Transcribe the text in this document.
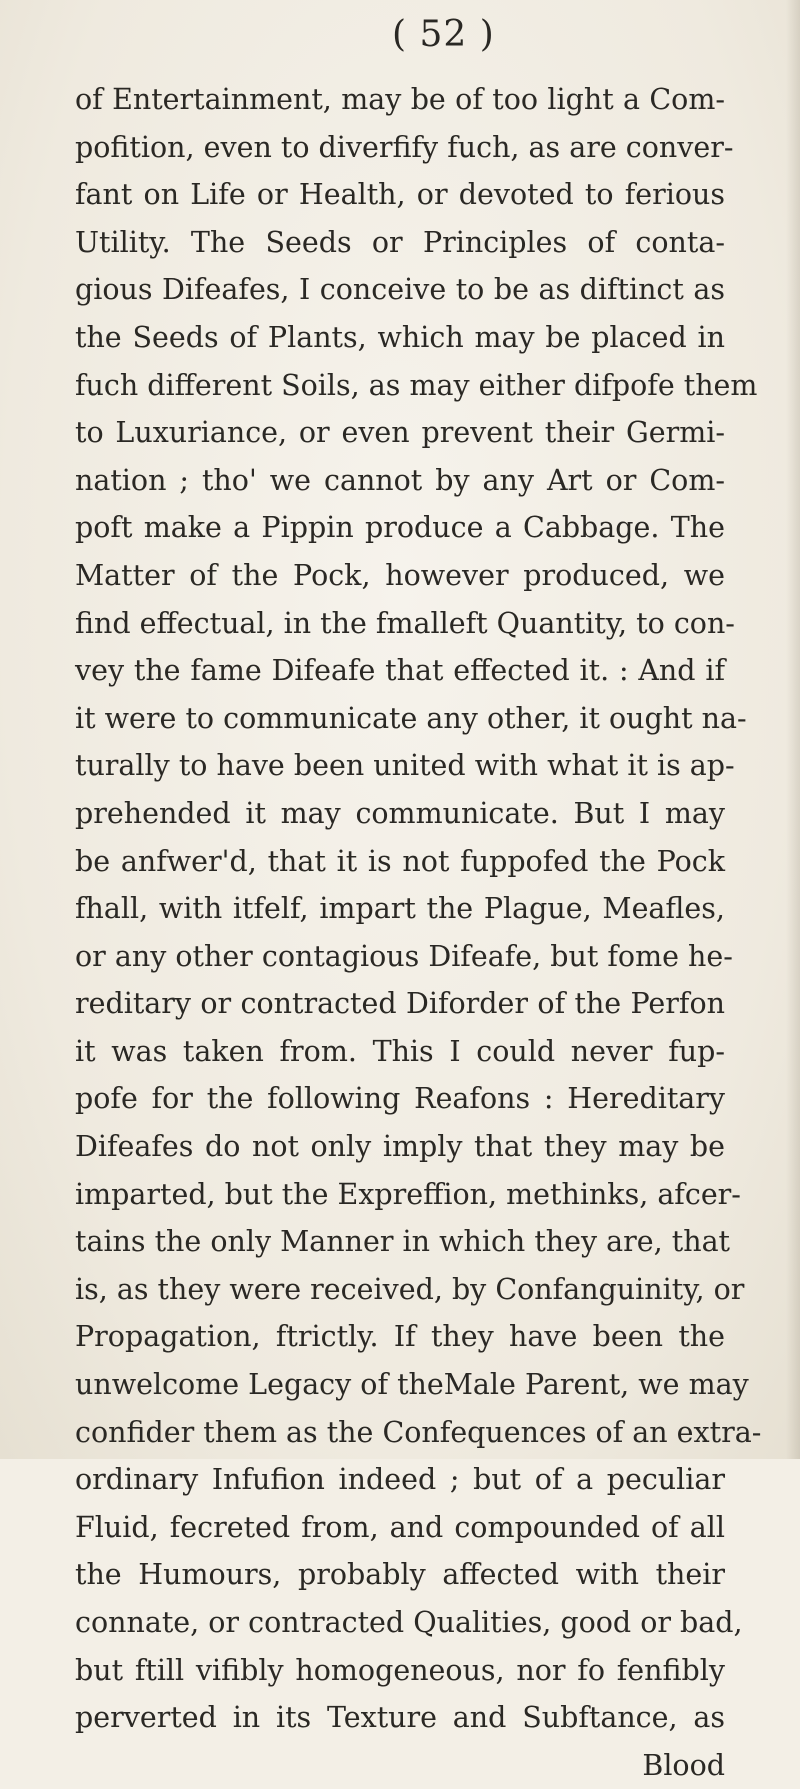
( 52 )
of Entertainment, may be of too light a Com-
pofition, even to diverfify fuch, as are conver-
fant on Life or Health, or devoted to ferious
Utility. The Seeds or Principles of conta-
gious Difeafes, I conceive to be as diftinct as
the Seeds of Plants, which may be placed in
fuch different Soils, as may either difpofe them
to Luxuriance, or even prevent their Germi-
nation ; tho' we cannot by any Art or Com-
poft make a Pippin produce a Cabbage. The
Matter of the Pock, however produced, we
find effectual, in the fmalleft Quantity, to con-
vey the fame Difeafe that effected it. : And if
it were to communicate any other, it ought na-
turally to have been united with what it is ap-
prehended it may communicate. But I may
be anfwer'd, that it is not fuppofed the Pock
fhall, with itfelf, impart the Plague, Meafles,
or any other contagious Difeafe, but fome he-
reditary or contracted Diforder of the Perfon
it was taken from. This I could never fup-
pofe for the following Reafons : Hereditary
Difeafes do not only imply that they may be
imparted, but the Expreffion, methinks, afcer-
tains the only Manner in which they are, that
is, as they were received, by Confanguinity, or
Propagation, ftrictly. If they have been the
unwelcome Legacy of theMale Parent, we may
confider them as the Confequences of an extra-
ordinary Infufion indeed ; but of a peculiar
Fluid, fecreted from, and compounded of all
the Humours, probably affected with their
connate, or contracted Qualities, good or bad,
but ftill vifibly homogeneous, nor fo fenfibly
perverted in its Texture and Subftance, as
Blood
